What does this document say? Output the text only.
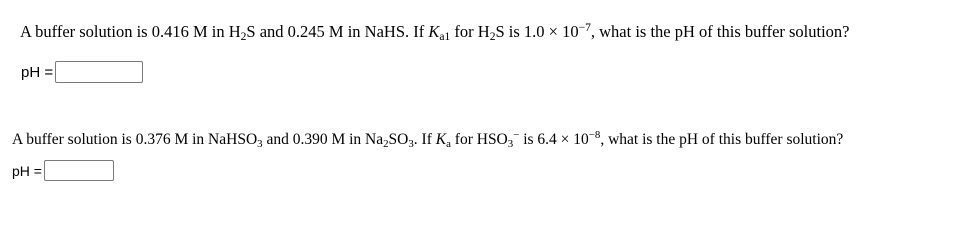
A buffer solution is 0.416 M in $H_2S$ and 0.245 M in NaHS. If $K_{a1}$ for $H_2S$ is $1.0 \times 10^{-7}$, what is the pH of this buffer solution?
pH =
A buffer solution is 0.376 M in NaHSO$_3$ and 0.390 M in $Na_2SO_3$. If $K_a$ for $HSO_3^-$ is $6.4 \times 10^{-8}$, what is the pH of this buffer solution?
pH =
